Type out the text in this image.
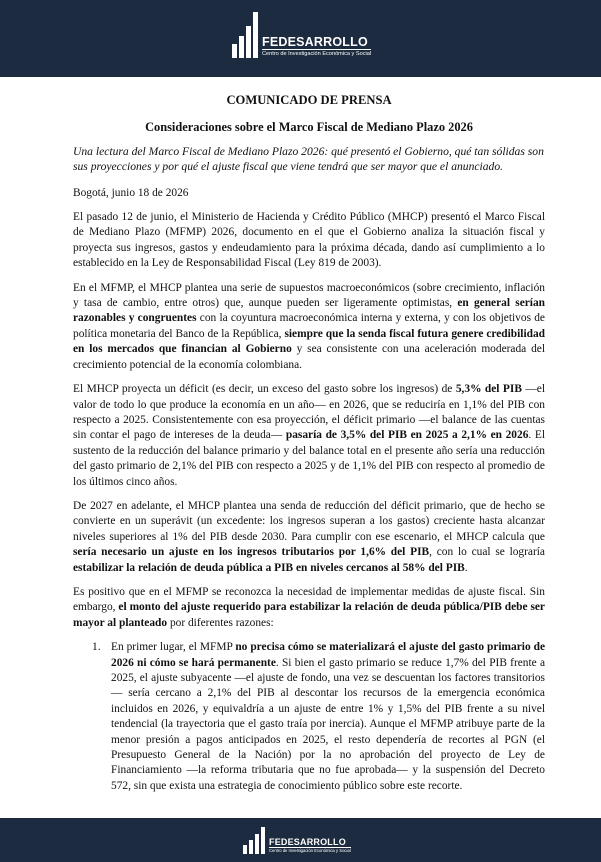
FEDESARROLLO
Centro de Investigación Económica y Social
COMUNICADO DE PRENSA
Consideraciones sobre el Marco Fiscal de Mediano Plazo 2026
Una lectura del Marco Fiscal de Mediano Plazo 2026: qué presentó el Gobierno, qué tan sólidas son sus proyecciones y por qué el ajuste fiscal que viene tendrá que ser mayor que el anunciado.
Bogotá, junio 18 de 2026

El pasado 12 de junio, el Ministerio de Hacienda y Crédito Público (MHCP) presentó el Marco Fiscal de Mediano Plazo (MFMP) 2026, documento en el que el Gobierno analiza la situación fiscal y proyecta sus ingresos, gastos y endeudamiento para la próxima década, dando así cumplimiento a lo establecido en la Ley de Responsabilidad Fiscal (Ley 819 de 2003).

En el MFMP, el MHCP plantea una serie de supuestos macroeconómicos (sobre crecimiento, inflación y tasa de cambio, entre otros) que, aunque pueden ser ligeramente optimistas, en general serían razonables y congruentes con la coyuntura macroeconómica interna y externa, y con los objetivos de política monetaria del Banco de la República, siempre que la senda fiscal futura genere credibilidad en los mercados que financian al Gobierno y sea consistente con una aceleración moderada del crecimiento potencial de la economía colombiana.

El MHCP proyecta un déficit (es decir, un exceso del gasto sobre los ingresos) de 5,3% del PIB —el valor de todo lo que produce la economía en un año— en 2026, que se reduciría en 1,1% del PIB con respecto a 2025. Consistentemente con esa proyección, el déficit primario —el balance de las cuentas sin contar el pago de intereses de la deuda— pasaría de 3,5% del PIB en 2025 a 2,1% en 2026. El sustento de la reducción del balance primario y del balance total en el presente año sería una reducción del gasto primario de 2,1% del PIB con respecto a 2025 y de 1,1% del PIB con respecto al promedio de los últimos cinco años.

De 2027 en adelante, el MHCP plantea una senda de reducción del déficit primario, que de hecho se convierte en un superávit (un excedente: los ingresos superan a los gastos) creciente hasta alcanzar niveles superiores al 1% del PIB desde 2030. Para cumplir con ese escenario, el MHCP calcula que sería necesario un ajuste en los ingresos tributarios por 1,6% del PIB, con lo cual se lograría estabilizar la relación de deuda pública a PIB en niveles cercanos al 58% del PIB.

Es positivo que en el MFMP se reconozca la necesidad de implementar medidas de ajuste fiscal. Sin embargo, el monto del ajuste requerido para estabilizar la relación de deuda pública/PIB debe ser mayor al planteado por diferentes razones:

1. En primer lugar, el MFMP no precisa cómo se materializará el ajuste del gasto primario de 2026 ni cómo se hará permanente. Si bien el gasto primario se reduce 1,7% del PIB frente a 2025, el ajuste subyacente —el ajuste de fondo, una vez se descuentan los factores transitorios— sería cercano a 2,1% del PIB al descontar los recursos de la emergencia económica incluidos en 2026, y equivaldría a un ajuste de entre 1% y 1,5% del PIB frente a su nivel tendencial (la trayectoria que el gasto traía por inercia). Aunque el MFMP atribuye parte de la menor presión a pagos anticipados en 2025, el resto dependería de recortes al PGN (el Presupuesto General de la Nación) por la no aprobación del proyecto de Ley de Financiamiento —la reforma tributaria que no fue aprobada— y la suspensión del Decreto 572, sin que exista una estrategia de conocimiento público sobre este recorte.
FEDESARROLLO
Centro de Investigación Económica y Social
